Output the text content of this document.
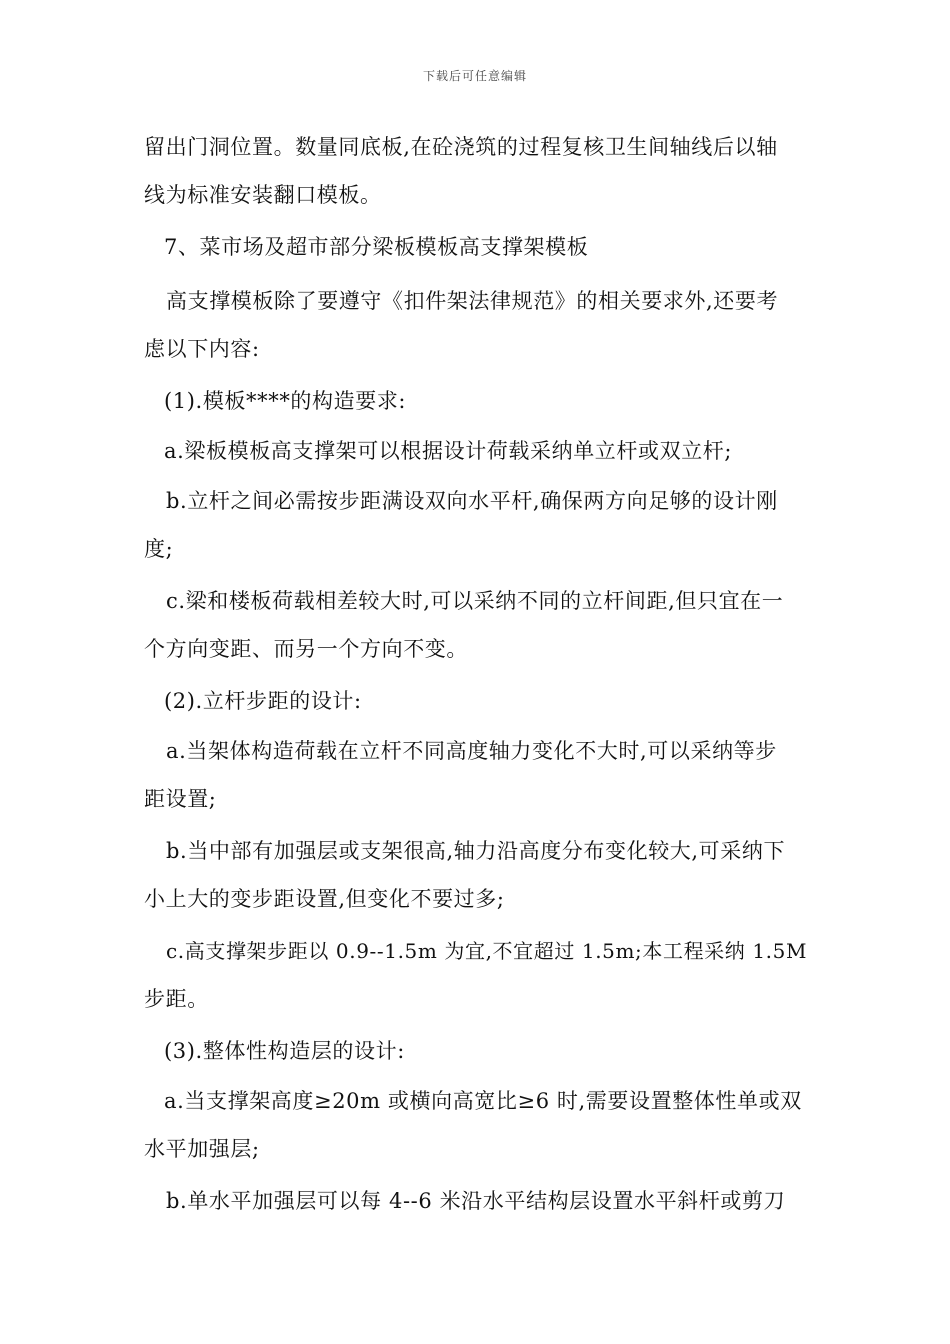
下载后可任意编辑
留出门洞位置。数量同底板,在砼浇筑的过程复核卫生间轴线后以轴
线为标准安装翻口模板。
7、菜市场及超市部分梁板模板高支撑架模板
高支撑模板除了要遵守《扣件架法律规范》的相关要求外,还要考
虑以下内容:
(1).模板****的构造要求:
a.梁板模板高支撑架可以根据设计荷载采纳单立杆或双立杆;
b.立杆之间必需按步距满设双向水平杆,确保两方向足够的设计刚
度;
c.梁和楼板荷载相差较大时,可以采纳不同的立杆间距,但只宜在一
个方向变距、而另一个方向不变。
(2).立杆步距的设计:
a.当架体构造荷载在立杆不同高度轴力变化不大时,可以采纳等步
距设置;
b.当中部有加强层或支架很高,轴力沿高度分布变化较大,可采纳下
小上大的变步距设置,但变化不要过多;
c.高支撑架步距以 0.9--1.5m 为宜,不宜超过 1.5m;本工程采纳 1.5M
步距。
(3).整体性构造层的设计:
a.当支撑架高度≥20m 或横向高宽比≥6 时,需要设置整体性单或双
水平加强层;
b.单水平加强层可以每 4--6 米沿水平结构层设置水平斜杆或剪刀
